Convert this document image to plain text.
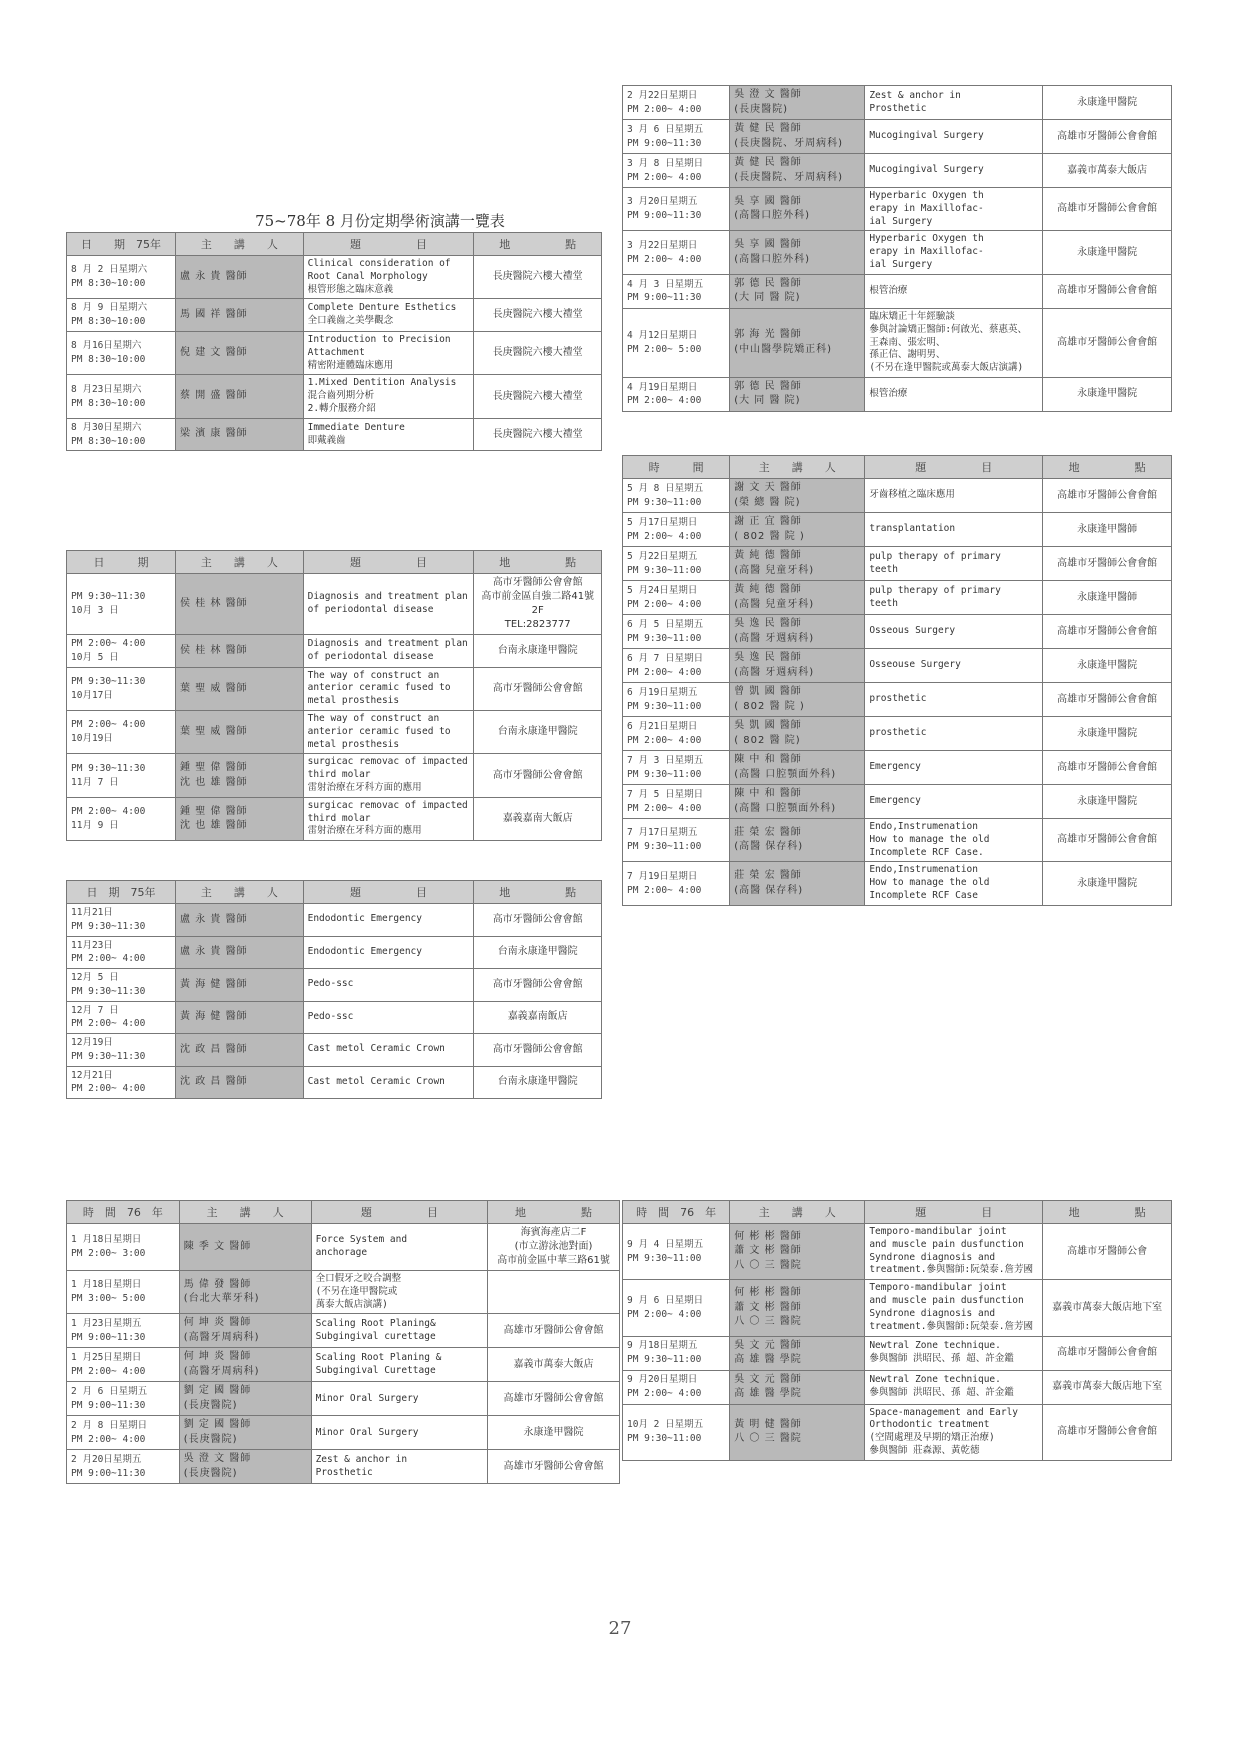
75~78年 8 月份定期學術演講一覽表
日　　期　75年	主　　講　　人	題　　　　　目	地　　　　　點
8 月 2 日星期六
PM 8:30~10:00	盧 永 貴 醫師	Clinical consideration of
Root Canal Morphology
根管形態之臨床意義	長庚醫院六樓大禮堂
8 月 9 日星期六
PM 8:30~10:00	馬 國 祥 醫師	Complete Denture Esthetics
全口義齒之美學觀念	長庚醫院六樓大禮堂
8 月16日星期六
PM 8:30~10:00	倪 建 文 醫師	Introduction to Precision
Attachment
精密附連體臨床應用	長庚醫院六樓大禮堂
8 月23日星期六
PM 8:30~10:00	蔡 開 盛 醫師	1.Mixed Dentition Analysis
混合齒列期分析
2.轉介服務介紹	長庚醫院六樓大禮堂
8 月30日星期六
PM 8:30~10:00	梁 濱 康 醫師	Immediate Denture
即戴義齒	長庚醫院六樓大禮堂
日　　　期	主　　講　　人	題　　　　　目	地　　　　　點
PM 9:30~11:30
10月 3 日	侯 桂 林 醫師	Diagnosis and treatment plan
of periodontal disease	高市牙醫師公會會館
高市前金區自強二路41號2F
TEL:2823777
PM 2:00~ 4:00
10月 5 日	侯 桂 林 醫師	Diagnosis and treatment plan
of periodontal disease	台南永康逢甲醫院
PM 9:30~11:30
10月17日	葉 聖 威 醫師	The way of construct an
anterior ceramic fused to
metal prosthesis	高市牙醫師公會會館
PM 2:00~ 4:00
10月19日	葉 聖 威 醫師	The way of construct an
anterior ceramic fused to
metal prosthesis	台南永康逢甲醫院
PM 9:30~11:30
11月 7 日	鍾 聖 偉 醫師
沈 也 雄 醫師	surgicac removac of impacted
third molar
雷射治療在牙科方面的應用	高市牙醫師公會會館
PM 2:00~ 4:00
11月 9 日	鍾 聖 偉 醫師
沈 也 雄 醫師	surgicac removac of impacted
third molar
雷射治療在牙科方面的應用	嘉義嘉南大飯店
日　期　75年	主　　講　　人	題　　　　　目	地　　　　　點
11月21日
PM 9:30~11:30	盧 永 貴 醫師	Endodontic Emergency	高市牙醫師公會會館
11月23日
PM 2:00~ 4:00	盧 永 貴 醫師	Endodontic Emergency	台南永康逢甲醫院
12月 5 日
PM 9:30~11:30	黃 海 健 醫師	Pedo-ssc	高市牙醫師公會會館
12月 7 日
PM 2:00~ 4:00	黃 海 健 醫師	Pedo-ssc	嘉義嘉南飯店
12月19日
PM 9:30~11:30	沈 政 昌 醫師	Cast metol Ceramic Crown	高市牙醫師公會會館
12月21日
PM 2:00~ 4:00	沈 政 昌 醫師	Cast metol Ceramic Crown	台南永康逢甲醫院
時　間　76　年	主　　講　　人	題　　　　　目	地　　　　　點
1 月18日星期日
PM 2:00~ 3:00	陳 季 文 醫師	Force System and
anchorage	海賓海產店二F
(市立游泳池對面)
高市前金區中華三路61號
1 月18日星期日
PM 3:00~ 5:00	馬 偉 發 醫師
(台北大華牙科)	全口假牙之咬合調整
(不另在逢甲醫院或
萬泰大飯店演講)	
1 月23日星期五
PM 9:00~11:30	何 坤 炎 醫師
(高醫牙周病科)	Scaling Root Planing&
Subgingival curettage	高雄市牙醫師公會會館
1 月25日星期日
PM 2:00~ 4:00	何 坤 炎 醫師
(高醫牙周病科)	Scaling Root Planing &
Subgingival Curettage	嘉義市萬泰大飯店
2 月 6 日星期五
PM 9:00~11:30	劉 定 國 醫師
(長庚醫院)	Minor Oral Surgery	高雄市牙醫師公會會館
2 月 8 日星期日
PM 2:00~ 4:00	劉 定 國 醫師
(長庚醫院)	Minor Oral Surgery	永康逢甲醫院
2 月20日星期五
PM 9:00~11:30	吳 澄 文 醫師
(長庚醫院)	Zest & anchor in
Prosthetic	高雄市牙醫師公會會館
2 月22日星期日
PM 2:00~ 4:00	吳 澄 文 醫師
(長庚醫院)	Zest & anchor in
Prosthetic	永康逢甲醫院
3 月 6 日星期五
PM 9:00~11:30	黃 健 民 醫師
(長庚醫院、牙周病科)	Mucogingival Surgery	高雄市牙醫師公會會館
3 月 8 日星期日
PM 2:00~ 4:00	黃 健 民 醫師
(長庚醫院、牙周病科)	Mucogingival Surgery	嘉義市萬泰大飯店
3 月20日星期五
PM 9:00~11:30	吳 享 國 醫師
(高醫口腔外科)	Hyperbaric Oxygen th
erapy in Maxillofac-
ial Surgery	高雄市牙醫師公會會館
3 月22日星期日
PM 2:00~ 4:00	吳 享 國 醫師
(高醫口腔外科)	Hyperbaric Oxygen th
erapy in Maxillofac-
ial Surgery	永康逢甲醫院
4 月 3 日星期五
PM 9:00~11:30	郭 德 民 醫師
(大 同 醫 院)	根管治療	高雄市牙醫師公會會館
4 月12日星期日
PM 2:00~ 5:00	郭 海 光 醫師
(中山醫學院矯正科)	臨床矯正十年經驗談
參與討論矯正醫師:何啟光、蔡惠英、
王森南、張宏明、
孫正信、謝明男、
(不另在逢甲醫院或萬泰大飯店演講)	高雄市牙醫師公會會館
4 月19日星期日
PM 2:00~ 4:00	郭 德 民 醫師
(大 同 醫 院)	根管治療	永康逢甲醫院
時　　　間	主　　講　　人	題　　　　　目	地　　　　　點
5 月 8 日星期五
PM 9:30~11:00	謝 文 天 醫師
(榮 總 醫 院)	牙齒移植之臨床應用	高雄市牙醫師公會會館
5 月17日星期日
PM 2:00~ 4:00	謝 正 宜 醫師
( 802 醫 院 )	transplantation	永康逢甲醫師
5 月22日星期五
PM 9:30~11:00	黃 純 德 醫師
(高醫 兒童牙科)	pulp therapy of primary
teeth	高雄市牙醫師公會會館
5 月24日星期日
PM 2:00~ 4:00	黃 純 德 醫師
(高醫 兒童牙科)	pulp therapy of primary
teeth	永康逢甲醫師
6 月 5 日星期五
PM 9:30~11:00	吳 逸 民 醫師
(高醫 牙週病科)	Osseous Surgery	高雄市牙醫師公會會館
6 月 7 日星期日
PM 2:00~ 4:00	吳 逸 民 醫師
(高醫 牙週病科)	Osseouse Surgery	永康逢甲醫院
6 月19日星期五
PM 9:30~11:00	曾 凱 國 醫師
( 802 醫 院 )	prosthetic	高雄市牙醫師公會會館
6 月21日星期日
PM 2:00~ 4:00	吳 凱 國 醫師
( 802 醫 院)	prosthetic	永康逢甲醫院
7 月 3 日星期五
PM 9:30~11:00	陳 中 和 醫師
(高醫 口腔顎面外科)	Emergency	高雄市牙醫師公會會館
7 月 5 日星期日
PM 2:00~ 4:00	陳 中 和 醫師
(高醫 口腔顎面外科)	Emergency	永康逢甲醫院
7 月17日星期五
PM 9:30~11:00	莊 榮 宏 醫師
(高醫 保存科)	Endo,Instrumenation
How to manage the old
Incomplete RCF Case.	高雄市牙醫師公會會館
7 月19日星期日
PM 2:00~ 4:00	莊 榮 宏 醫師
(高醫 保存科)	Endo,Instrumenation
How to manage the old
Incomplete RCF Case	永康逢甲醫院
時　間　76　年	主　　講　　人	題　　　　　目	地　　　　　點
9 月 4 日星期五
PM 9:30~11:00	何 彬 彬 醫師
蕭 文 彬 醫師
八 〇 三 醫院	Temporo-mandibular joint
and muscle pain dusfunction
Syndrone diagnosis and
treatment.參與醫師:阮榮泰.詹芳國	高雄市牙醫師公會
9 月 6 日星期日
PM 2:00~ 4:00	何 彬 彬 醫師
蕭 文 彬 醫師
八 〇 三 醫院	Temporo-mandibular joint
and muscle pain dusfunction
Syndrone diagnosis and
treatment.參與醫師:阮榮泰.詹芳國	嘉義市萬泰大飯店地下室
9 月18日星期五
PM 9:30~11:00	吳 文 元 醫師
高 雄 醫 學院	Newtral Zone technique.
參與醫師 洪昭民、孫 超、許金鑑	高雄市牙醫師公會會館
9 月20日星期日
PM 2:00~ 4:00	吳 文 元 醫師
高 雄 醫 學院	Newtral Zone technique.
參與醫師 洪昭民、孫 超、許金鑑	嘉義市萬泰大飯店地下室
10月 2 日星期五
PM 9:30~11:00	黃 明 健 醫師
八 〇 三 醫院	Space-management and Early
Orthodontic treatment
(空間處理及早期的矯正治療)
參與醫師 莊森源、黃乾德	高雄市牙醫師公會會館
27
